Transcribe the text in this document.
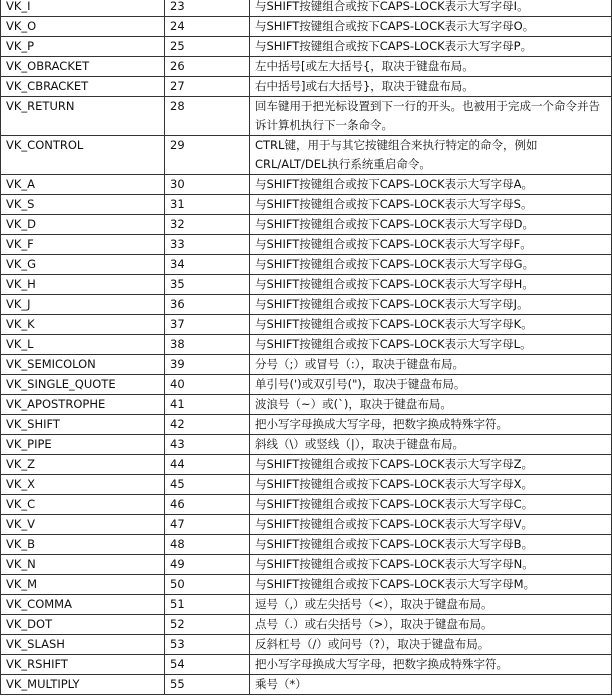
VK_I	23	与SHIFT按键组合或按下CAPS-LOCK表示大写字母I。
VK_O	24	与SHIFT按键组合或按下CAPS-LOCK表示大写字母O。
VK_P	25	与SHIFT按键组合或按下CAPS-LOCK表示大写字母P。
VK_OBRACKET	26	左中括号[或左大括号{，取决于键盘布局。
VK_CBRACKET	27	右中括号]或右大括号}，取决于键盘布局。
VK_RETURN	28	回车键用于把光标设置到下一行的开头。也被用于完成一个命令并告诉计算机执行下一条命令。
VK_CONTROL	29	CTRL键，用于与其它按键组合来执行特定的命令，例如CRL/ALT/DEL执行系统重启命令。
VK_A	30	与SHIFT按键组合或按下CAPS-LOCK表示大写字母A。
VK_S	31	与SHIFT按键组合或按下CAPS-LOCK表示大写字母S。
VK_D	32	与SHIFT按键组合或按下CAPS-LOCK表示大写字母D。
VK_F	33	与SHIFT按键组合或按下CAPS-LOCK表示大写字母F。
VK_G	34	与SHIFT按键组合或按下CAPS-LOCK表示大写字母G。
VK_H	35	与SHIFT按键组合或按下CAPS-LOCK表示大写字母H。
VK_J	36	与SHIFT按键组合或按下CAPS-LOCK表示大写字母J。
VK_K	37	与SHIFT按键组合或按下CAPS-LOCK表示大写字母K。
VK_L	38	与SHIFT按键组合或按下CAPS-LOCK表示大写字母L。
VK_SEMICOLON	39	分号（;）或冒号（:），取决于键盘布局。
VK_SINGLE_QUOTE	40	单引号(')或双引号(")，取决于键盘布局。
VK_APOSTROPHE	41	波浪号（~）或(`)，取决于键盘布局。
VK_SHIFT	42	把小写字母换成大写字母，把数字换成特殊字符。
VK_PIPE	43	斜线（\）或竖线（|），取决于键盘布局。
VK_Z	44	与SHIFT按键组合或按下CAPS-LOCK表示大写字母Z。
VK_X	45	与SHIFT按键组合或按下CAPS-LOCK表示大写字母X。
VK_C	46	与SHIFT按键组合或按下CAPS-LOCK表示大写字母C。
VK_V	47	与SHIFT按键组合或按下CAPS-LOCK表示大写字母V。
VK_B	48	与SHIFT按键组合或按下CAPS-LOCK表示大写字母B。
VK_N	49	与SHIFT按键组合或按下CAPS-LOCK表示大写字母N。
VK_M	50	与SHIFT按键组合或按下CAPS-LOCK表示大写字母M。
VK_COMMA	51	逗号（,）或左尖括号（<），取决于键盘布局。
VK_DOT	52	点号（.）或右尖括号（>），取决于键盘布局。
VK_SLASH	53	反斜杠号（/）或问号（?），取决于键盘布局。
VK_RSHIFT	54	把小写字母换成大写字母，把数字换成特殊字符。
VK_MULTIPLY	55	乘号（*）
